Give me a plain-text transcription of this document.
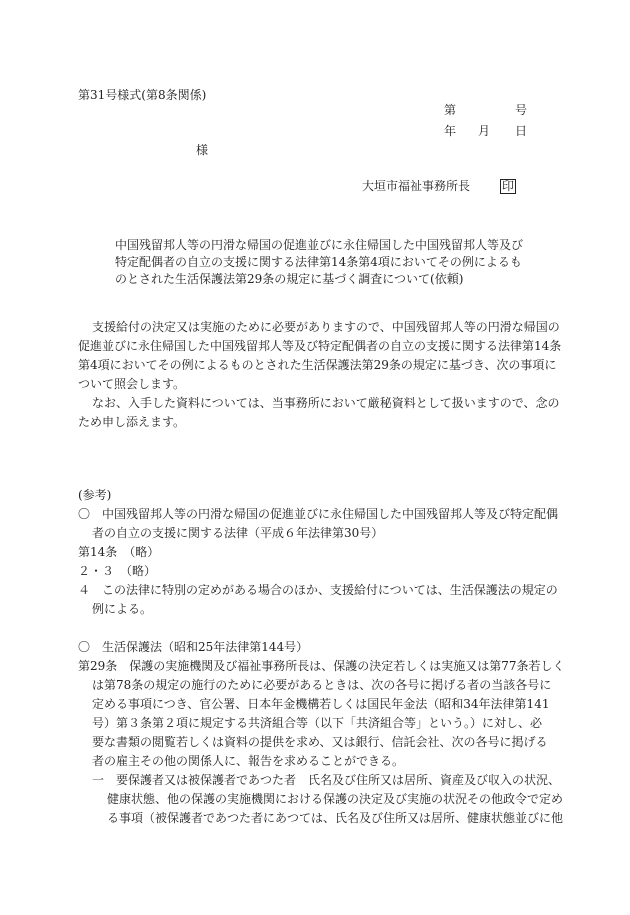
第31号様式(第8条関係)
第	号
年 月 日
様
大垣市福祉事務所長	印
中国残留邦人等の円滑な帰国の促進並びに永住帰国した中国残留邦人等及び
特定配偶者の自立の支援に関する法律第14条第4項においてその例によるも
のとされた生活保護法第29条の規定に基づく調査について(依頼)
支援給付の決定又は実施のために必要がありますので、中国残留邦人等の円滑な帰国の
促進並びに永住帰国した中国残留邦人等及び特定配偶者の自立の支援に関する法律第14条
第4項においてその例によるものとされた生活保護法第29条の規定に基づき、次の事項に
ついて照会します。
なお、入手した資料については、当事務所において厳秘資料として扱いますので、念の
ため申し添えます。
(参考)
〇　中国残留邦人等の円滑な帰国の促進並びに永住帰国した中国残留邦人等及び特定配偶
者の自立の支援に関する法律（平成６年法律第30号）
第14条　（略）
２・３　（略）
４　この法律に特別の定めがある場合のほか、支援給付については、生活保護法の規定の
例による。
〇　生活保護法（昭和25年法律第144号）
第29条　保護の実施機関及び福祉事務所長は、保護の決定若しくは実施又は第77条若しく
は第78条の規定の施行のために必要があるときは、次の各号に掲げる者の当該各号に
定める事項につき、官公署、日本年金機構若しくは国民年金法（昭和34年法律第141
号）第３条第２項に規定する共済組合等（以下「共済組合等」という。）に対し、必
要な書類の閲覧若しくは資料の提供を求め、又は銀行、信託会社、次の各号に掲げる
者の雇主その他の関係人に、報告を求めることができる。
一　要保護者又は被保護者であつた者　氏名及び住所又は居所、資産及び収入の状況、
健康状態、他の保護の実施機関における保護の決定及び実施の状況その他政令で定め
る事項（被保護者であつた者にあつては、氏名及び住所又は居所、健康状態並びに他
